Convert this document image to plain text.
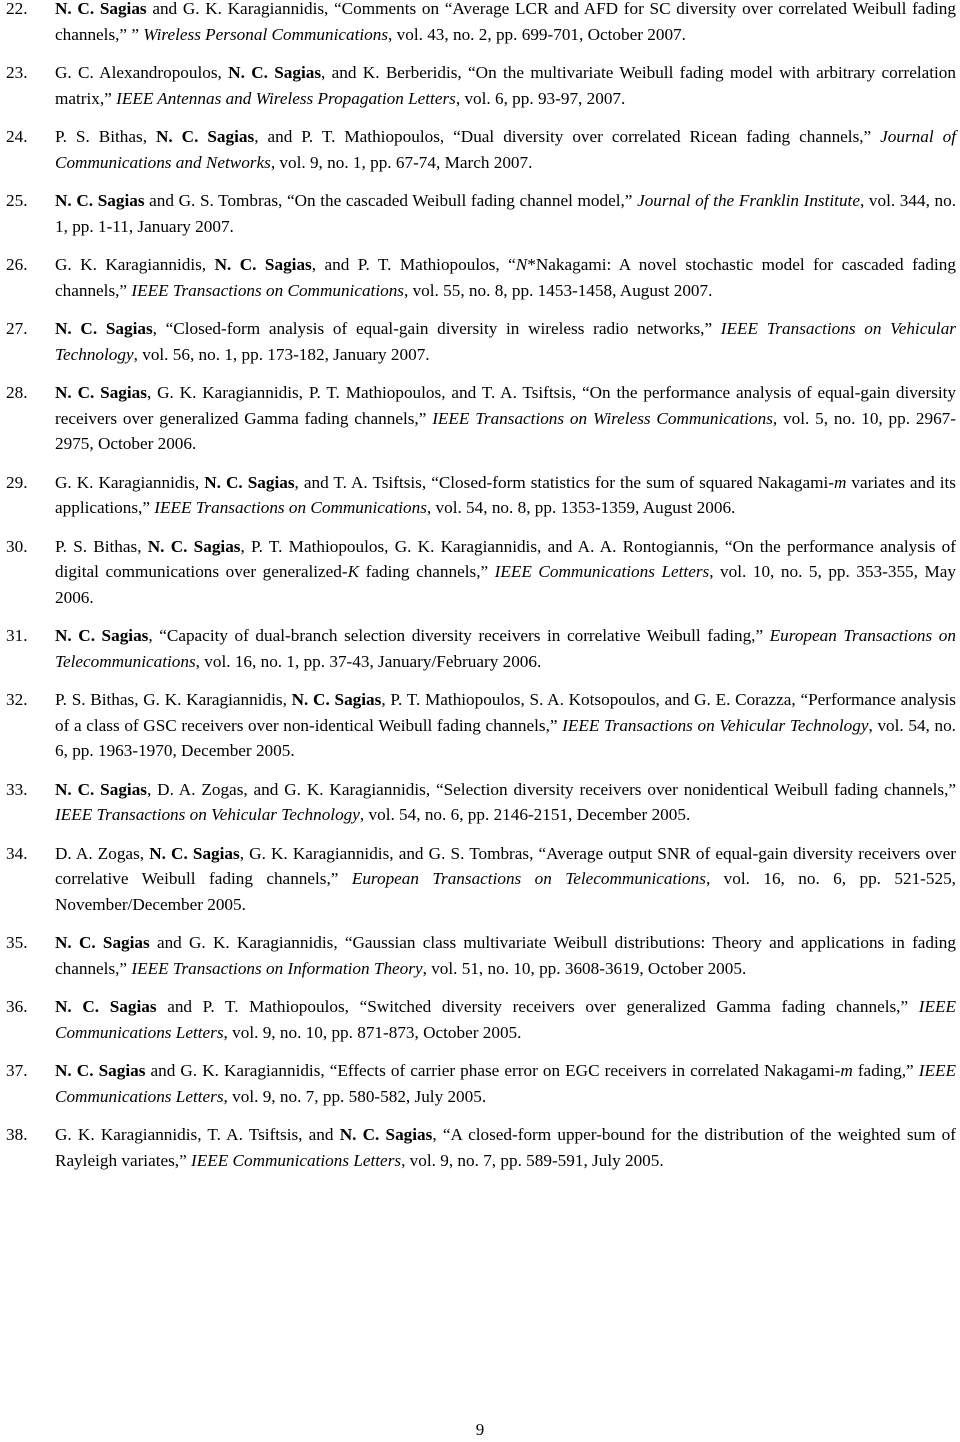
22. N. C. Sagias and G. K. Karagiannidis, “Comments on “Average LCR and AFD for SC diversity over correlated Weibull fading channels,” ” Wireless Personal Communications, vol. 43, no. 2, pp. 699-701, October 2007.
23. G. C. Alexandropoulos, N. C. Sagias, and K. Berberidis, “On the multivariate Weibull fading model with arbitrary correlation matrix,” IEEE Antennas and Wireless Propagation Letters, vol. 6, pp. 93-97, 2007.
24. P. S. Bithas, N. C. Sagias, and P. T. Mathiopoulos, “Dual diversity over correlated Ricean fading channels,” Journal of Communications and Networks, vol. 9, no. 1, pp. 67-74, March 2007.
25. N. C. Sagias and G. S. Tombras, “On the cascaded Weibull fading channel model,” Journal of the Franklin Institute, vol. 344, no. 1, pp. 1-11, January 2007.
26. G. K. Karagiannidis, N. C. Sagias, and P. T. Mathiopoulos, “N*Nakagami: A novel stochastic model for cascaded fading channels,” IEEE Transactions on Communications, vol. 55, no. 8, pp. 1453-1458, August 2007.
27. N. C. Sagias, “Closed-form analysis of equal-gain diversity in wireless radio networks,” IEEE Transactions on Vehicular Technology, vol. 56, no. 1, pp. 173-182, January 2007.
28. N. C. Sagias, G. K. Karagiannidis, P. T. Mathiopoulos, and T. A. Tsiftsis, “On the performance analysis of equal-gain diversity receivers over generalized Gamma fading channels,” IEEE Transactions on Wireless Communications, vol. 5, no. 10, pp. 2967-2975, October 2006.
29. G. K. Karagiannidis, N. C. Sagias, and T. A. Tsiftsis, “Closed-form statistics for the sum of squared Nakagami-m variates and its applications,” IEEE Transactions on Communications, vol. 54, no. 8, pp. 1353-1359, August 2006.
30. P. S. Bithas, N. C. Sagias, P. T. Mathiopoulos, G. K. Karagiannidis, and A. A. Rontogiannis, “On the performance analysis of digital communications over generalized-K fading channels,” IEEE Communications Letters, vol. 10, no. 5, pp. 353-355, May 2006.
31. N. C. Sagias, “Capacity of dual-branch selection diversity receivers in correlative Weibull fading,” European Transactions on Telecommunications, vol. 16, no. 1, pp. 37-43, January/February 2006.
32. P. S. Bithas, G. K. Karagiannidis, N. C. Sagias, P. T. Mathiopoulos, S. A. Kotsopoulos, and G. E. Corazza, “Performance analysis of a class of GSC receivers over non-identical Weibull fading channels,” IEEE Transactions on Vehicular Technology, vol. 54, no. 6, pp. 1963-1970, December 2005.
33. N. C. Sagias, D. A. Zogas, and G. K. Karagiannidis, “Selection diversity receivers over nonidentical Weibull fading channels,” IEEE Transactions on Vehicular Technology, vol. 54, no. 6, pp. 2146-2151, December 2005.
34. D. A. Zogas, N. C. Sagias, G. K. Karagiannidis, and G. S. Tombras, “Average output SNR of equal-gain diversity receivers over correlative Weibull fading channels,” European Transactions on Telecommunications, vol. 16, no. 6, pp. 521-525, November/December 2005.
35. N. C. Sagias and G. K. Karagiannidis, “Gaussian class multivariate Weibull distributions: Theory and applications in fading channels,” IEEE Transactions on Information Theory, vol. 51, no. 10, pp. 3608-3619, October 2005.
36. N. C. Sagias and P. T. Mathiopoulos, “Switched diversity receivers over generalized Gamma fading channels,” IEEE Communications Letters, vol. 9, no. 10, pp. 871-873, October 2005.
37. N. C. Sagias and G. K. Karagiannidis, “Effects of carrier phase error on EGC receivers in correlated Nakagami-m fading,” IEEE Communications Letters, vol. 9, no. 7, pp. 580-582, July 2005.
38. G. K. Karagiannidis, T. A. Tsiftsis, and N. C. Sagias, “A closed-form upper-bound for the distribution of the weighted sum of Rayleigh variates,” IEEE Communications Letters, vol. 9, no. 7, pp. 589-591, July 2005.
9
